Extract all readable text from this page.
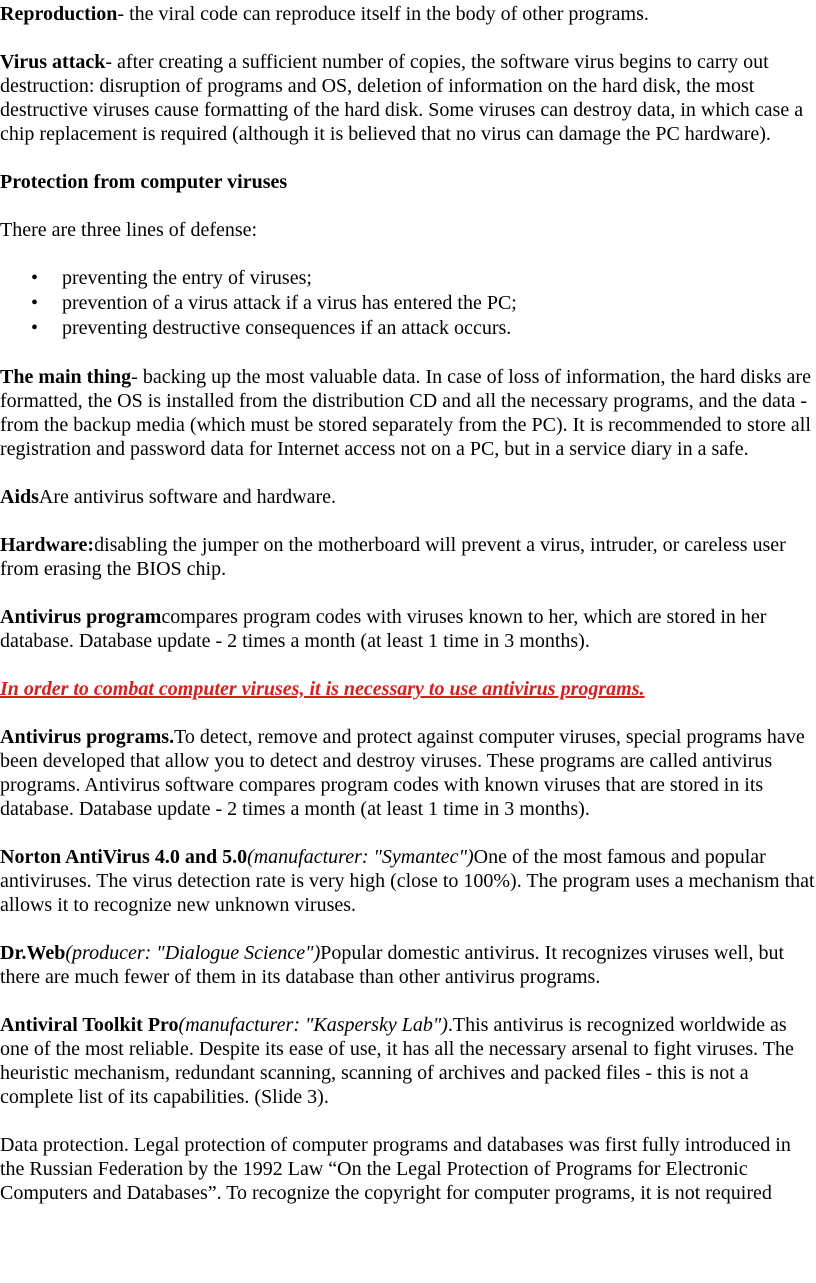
Reproduction- the viral code can reproduce itself in the body of other programs.

Virus attack- after creating a sufficient number of copies, the software virus begins to carry out destruction: disruption of programs and OS, deletion of information on the hard disk, the most destructive viruses cause formatting of the hard disk. Some viruses can destroy data, in which case a chip replacement is required (although it is believed that no virus can damage the PC hardware).

Protection from computer viruses

There are three lines of defense:

• preventing the entry of viruses;
• prevention of a virus attack if a virus has entered the PC;
• preventing destructive consequences if an attack occurs.

The main thing- backing up the most valuable data. In case of loss of information, the hard disks are formatted, the OS is installed from the distribution CD and all the necessary programs, and the data - from the backup media (which must be stored separately from the PC). It is recommended to store all registration and password data for Internet access not on a PC, but in a service diary in a safe.

AidsAre antivirus software and hardware.

Hardware:disabling the jumper on the motherboard will prevent a virus, intruder, or careless user from erasing the BIOS chip.

Antivirus programcompares program codes with viruses known to her, which are stored in her database. Database update - 2 times a month (at least 1 time in 3 months).

In order to combat computer viruses, it is necessary to use antivirus programs.

Antivirus programs.To detect, remove and protect against computer viruses, special programs have been developed that allow you to detect and destroy viruses. These programs are called antivirus programs. Antivirus software compares program codes with known viruses that are stored in its database. Database update - 2 times a month (at least 1 time in 3 months).

Norton AntiVirus 4.0 and 5.0(manufacturer: "Symantec")One of the most famous and popular antiviruses. The virus detection rate is very high (close to 100%). The program uses a mechanism that allows it to recognize new unknown viruses.

Dr.Web(producer: "Dialogue Science")Popular domestic antivirus. It recognizes viruses well, but there are much fewer of them in its database than other antivirus programs.

Antiviral Toolkit Pro(manufacturer: "Kaspersky Lab").This antivirus is recognized worldwide as one of the most reliable. Despite its ease of use, it has all the necessary arsenal to fight viruses. The heuristic mechanism, redundant scanning, scanning of archives and packed files - this is not a complete list of its capabilities. (Slide 3).

Data protection. Legal protection of computer programs and databases was first fully introduced in the Russian Federation by the 1992 Law “On the Legal Protection of Programs for Electronic Computers and Databases”. To recognize the copyright for computer programs, it is not required
